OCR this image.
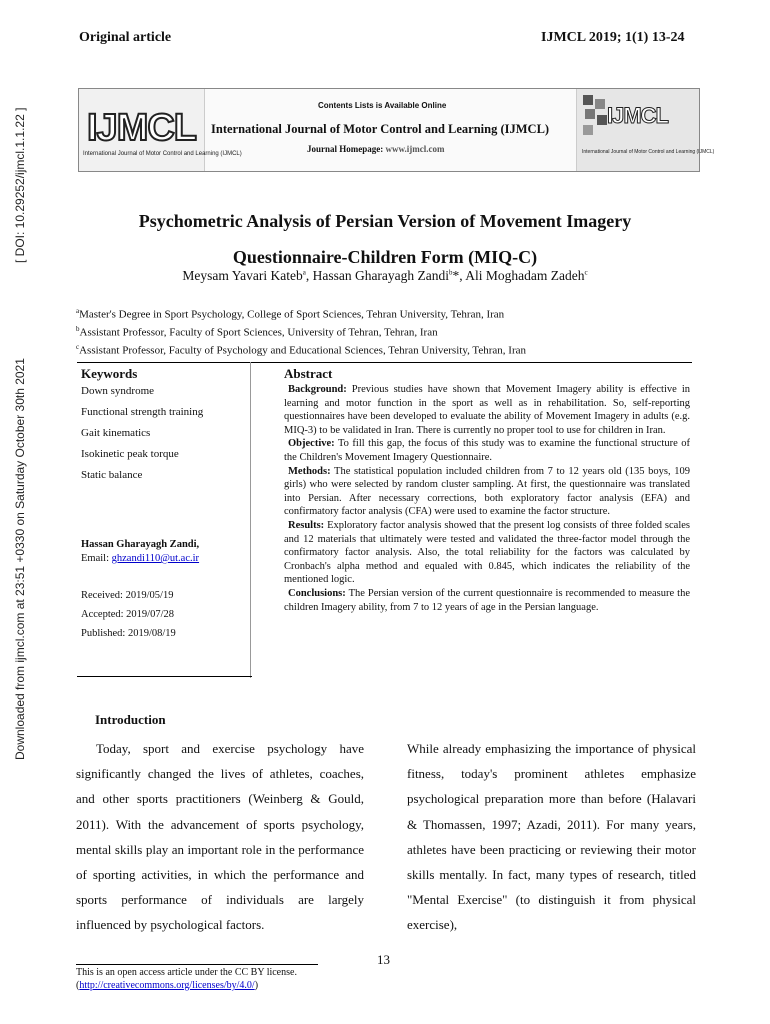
Original article	IJMCL 2019; 1(1) 13-24
[ DOI: 10.29252/ijmcl.1.1.22 ]
Downloaded from ijmcl.com at 23:51 +0330 on Saturday October 30th 2021
IJMCL
International Journal of Motor Control and Learning (IJMCL)
Contents Lists is Available Online
International Journal of Motor Control and Learning (IJMCL)
Journal Homepage: www.ijmcl.com
IJMCL
International Journal of Motor Control and Learning (IJMCL)
Psychometric Analysis of Persian Version of Movement Imagery
Questionnaire-Children Form (MIQ-C)
Meysam Yavari Kateb$^a$, Hassan Gharayagh Zandi$^b$*, Ali Moghadam Zadeh$^c$
$^a$Master's Degree in Sport Psychology, College of Sport Sciences, Tehran University, Tehran, Iran
$^b$Assistant Professor, Faculty of Sport Sciences, University of Tehran, Tehran, Iran
$^c$Assistant Professor, Faculty of Psychology and Educational Sciences, Tehran University, Tehran, Iran
Keywords
Down syndrome
Functional strength training
Gait kinematics
Isokinetic peak torque
Static balance
Hassan Gharayagh Zandi,
Email: ghzandi110@ut.ac.ir
Received: 2019/05/19
Accepted: 2019/07/28
Published: 2019/08/19
Abstract

Background: Previous studies have shown that Movement Imagery ability is effective in learning and motor function in the sport as well as in rehabilitation. So, self-reporting questionnaires have been developed to evaluate the ability of Movement Imagery in adults (e.g. MIQ-3) to be validated in Iran. There is currently no proper tool to use for children in Iran.

Objective: To fill this gap, the focus of this study was to examine the functional structure of the Children's Movement Imagery Questionnaire.

Methods: The statistical population included children from 7 to 12 years old (135 boys, 109 girls) who were selected by random cluster sampling. At first, the questionnaire was translated into Persian. After necessary corrections, both exploratory factor analysis (EFA) and confirmatory factor analysis (CFA) were used to examine the factor structure.

Results: Exploratory factor analysis showed that the present log consists of three folded scales and 12 materials that ultimately were tested and validated the three-factor model through the confirmatory factor analysis. Also, the total reliability for the factors was calculated by Cronbach's alpha method and equaled with 0.845, which indicates the reliability of the mentioned logic.

Conclusions: The Persian version of the current questionnaire is recommended to measure the children Imagery ability, from 7 to 12 years of age in the Persian language.

Introduction

Today, sport and exercise psychology have significantly changed the lives of athletes, coaches, and other sports practitioners (Weinberg & Gould, 2011). With the advancement of sports psychology, mental skills play an important role in the performance of sporting activities, in which the performance and sports performance of individuals are largely influenced by psychological factors.

While already emphasizing the importance of physical fitness, today's prominent athletes emphasize psychological preparation more than before (Halavari & Thomassen, 1997; Azadi, 2011). For many years, athletes have been practicing or reviewing their motor skills mentally. In fact, many types of research, titled "Mental Exercise" (to distinguish it from physical exercise),

13
This is an open access article under the CC BY license.
(http://creativecommons.org/licenses/by/4.0/)
